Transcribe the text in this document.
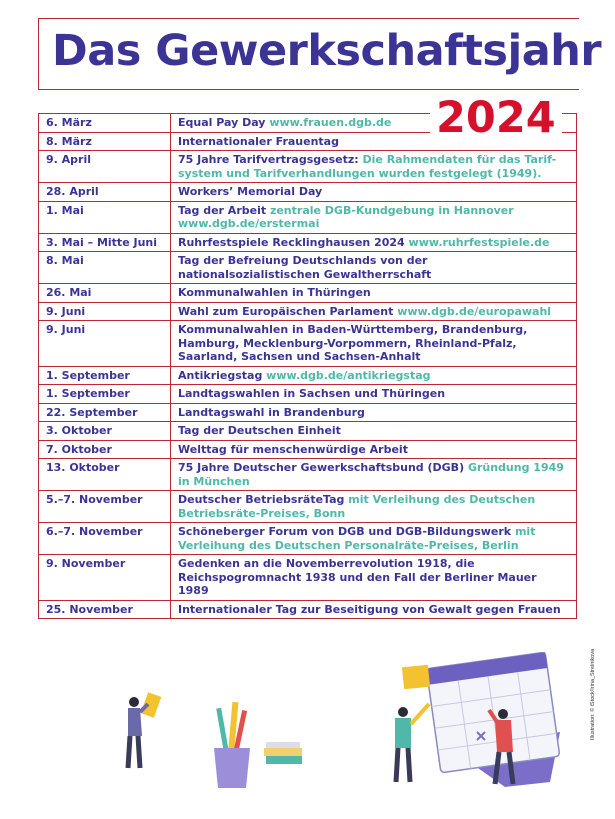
Das Gewerkschaftsjahr
2024
6. März	Equal Pay Day www.frauen.dgb.de
8. März	Internationaler Frauentag
9. April	75 Jahre Tarifvertragsgesetz: Die Rahmendaten für das Tarif-system und Tarifverhandlungen wurden festgelegt (1949).
28. April	Workers’ Memorial Day
1. Mai	Tag der Arbeit zentrale DGB-Kundgebung in Hannover www.dgb.de/erstermai
3. Mai – Mitte Juni	Ruhrfestspiele Recklinghausen 2024 www.ruhrfestspiele.de
8. Mai	Tag der Befreiung Deutschlands von der nationalsozialistischen Gewaltherrschaft
26. Mai	Kommunalwahlen in Thüringen
9. Juni	Wahl zum Europäischen Parlament www.dgb.de/europawahl
9. Juni	Kommunalwahlen in Baden-Württemberg, Brandenburg, Hamburg, Mecklenburg-Vorpommern, Rheinland-Pfalz, Saarland, Sachsen und Sachsen-Anhalt
1. September	Antikriegstag www.dgb.de/antikriegstag
1. September	Landtagswahlen in Sachsen und Thüringen
22. September	Landtagswahl in Brandenburg
3. Oktober	Tag der Deutschen Einheit
7. Oktober	Welttag für menschenwürdige Arbeit
13. Oktober	75 Jahre Deutscher Gewerkschaftsbund (DGB) Gründung 1949 in München
5.–7. November	Deutscher BetriebsräteTag mit Verleihung des Deutschen Betriebsräte-Preises, Bonn
6.–7. November	Schöneberger Forum von DGB und DGB-Bildungswerk mit Verleihung des Deutschen Personalräte-Preises, Berlin
9. November	Gedenken an die Novemberrevolution 1918, die Reichspogromnacht 1938 und den Fall der Berliner Mauer 1989
25. November	Internationaler Tag zur Beseitigung von Gewalt gegen Frauen
Illustration: © iStock/Irina_Strelnikova
